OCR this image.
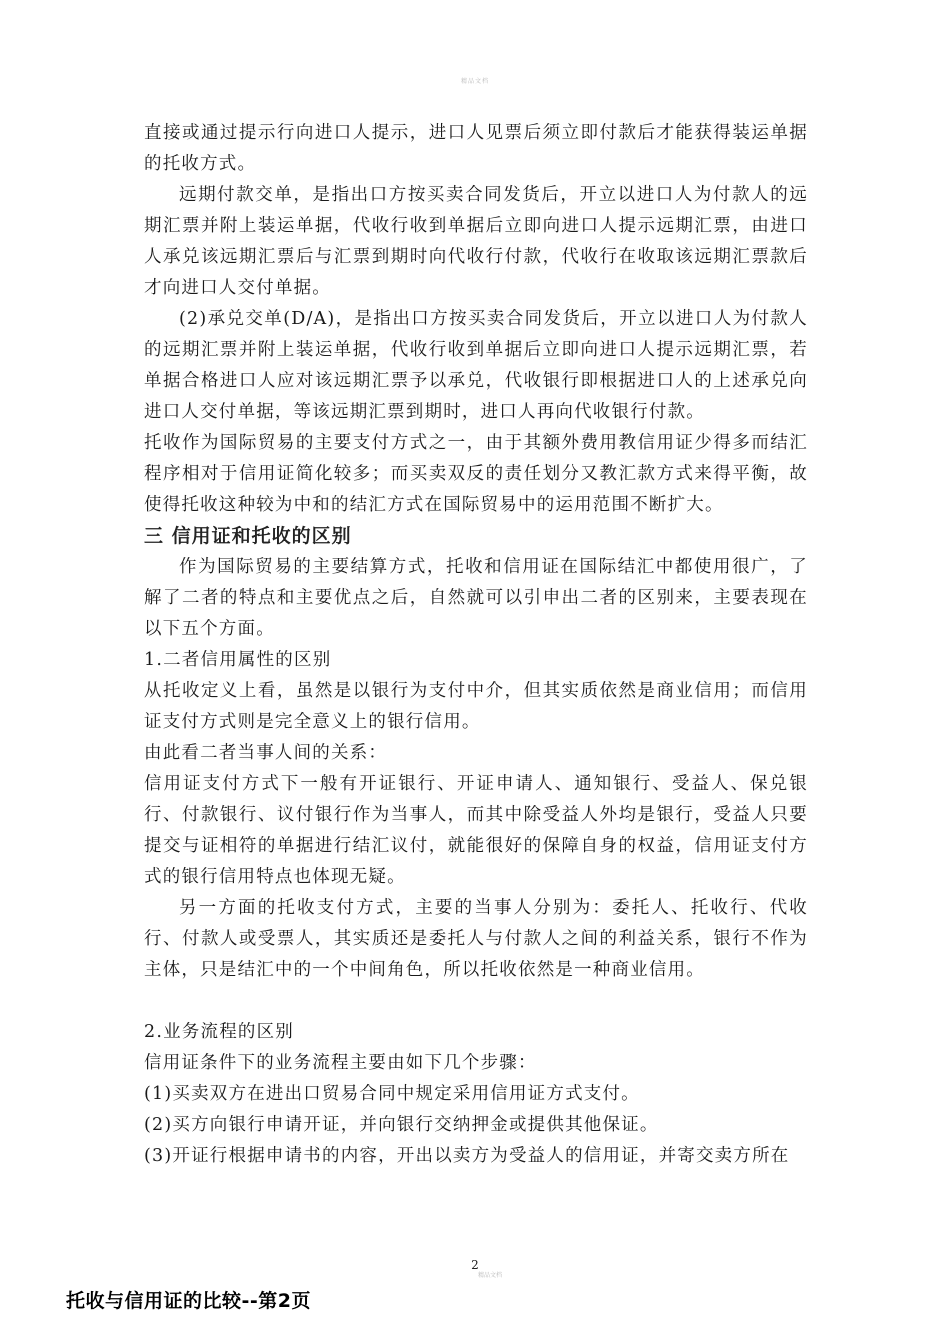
精品文档

直接或通过提示行向进口人提示，进口人见票后须立即付款后才能获得装运单据的托收方式。

远期付款交单，是指出口方按买卖合同发货后，开立以进口人为付款人的远期汇票并附上装运单据，代收行收到单据后立即向进口人提示远期汇票，由进口人承兑该远期汇票后与汇票到期时向代收行付款，代收行在收取该远期汇票款后才向进口人交付单据。

(2)承兑交单(D/A)，是指出口方按买卖合同发货后，开立以进口人为付款人的远期汇票并附上装运单据，代收行收到单据后立即向进口人提示远期汇票，若单据合格进口人应对该远期汇票予以承兑，代收银行即根据进口人的上述承兑向进口人交付单据，等该远期汇票到期时，进口人再向代收银行付款。

托收作为国际贸易的主要支付方式之一，由于其额外费用教信用证少得多而结汇程序相对于信用证简化较多；而买卖双反的责任划分又教汇款方式来得平衡，故使得托收这种较为中和的结汇方式在国际贸易中的运用范围不断扩大。

三 信用证和托收的区别

作为国际贸易的主要结算方式，托收和信用证在国际结汇中都使用很广，了解了二者的特点和主要优点之后，自然就可以引申出二者的区别来，主要表现在以下五个方面。

1.二者信用属性的区别

从托收定义上看，虽然是以银行为支付中介，但其实质依然是商业信用；而信用证支付方式则是完全意义上的银行信用。

由此看二者当事人间的关系：

信用证支付方式下一般有开证银行、开证申请人、通知银行、受益人、保兑银行、付款银行、议付银行作为当事人，而其中除受益人外均是银行，受益人只要提交与证相符的单据进行结汇议付，就能很好的保障自身的权益，信用证支付方式的银行信用特点也体现无疑。

另一方面的托收支付方式，主要的当事人分别为：委托人、托收行、代收行、付款人或受票人，其实质还是委托人与付款人之间的利益关系，银行不作为主体，只是结汇中的一个中间角色，所以托收依然是一种商业信用。

2.业务流程的区别

信用证条件下的业务流程主要由如下几个步骤：

(1)买卖双方在进出口贸易合同中规定采用信用证方式支付。

(2)买方向银行申请开证，并向银行交纳押金或提供其他保证。

(3)开证行根据申请书的内容，开出以卖方为受益人的信用证，并寄交卖方所在

2
精品文档
托收与信用证的比较--第2页
